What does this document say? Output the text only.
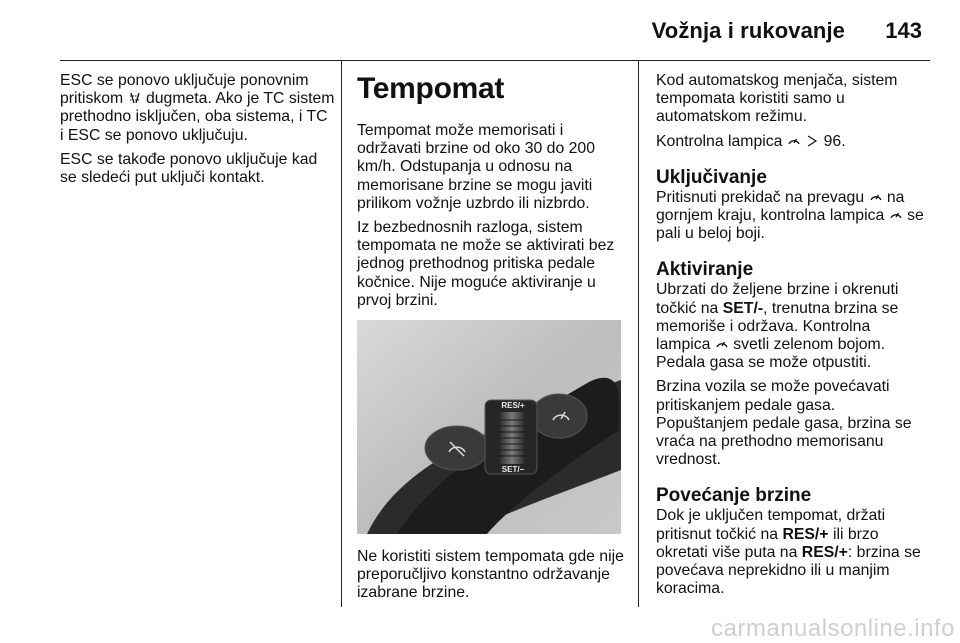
Vožnja i rukovanje	143

ESC se ponovo uključuje ponovnim pritiskom dugmeta. Ako je TC sistem prethodno isključen, oba sistema, i TC i ESC se ponovo uključuju.

ESC se takođe ponovo uključuje kad se sledeći put uključi kontakt.

Tempomat

Tempomat može memorisati i održavati brzine od oko 30 do 200 km/h. Odstupanja u odnosu na memorisane brzine se mogu javiti prilikom vožnje uzbrdo ili nizbrdo.

Iz bezbednosnih razloga, sistem tempomata ne može se aktivirati bez jednog prethodnog pritiska pedale kočnice. Nije moguće aktiviranje u prvoj brzini.

RES/+
SET/−

Ne koristiti sistem tempomata gde nije preporučljivo konstantno održavanje izabrane brzine.

Kod automatskog menjača, sistem tempomata koristiti samo u automatskom režimu.

Kontrolna lampica	96.

Uključivanje

Pritisnuti prekidač na prevagu na gornjem kraju, kontrolna lampica se pali u beloj boji.

Aktiviranje

Ubrzati do željene brzine i okrenuti točkić na SET/-, trenutna brzina se memoriše i održava. Kontrolna lampica svetli zelenom bojom. Pedala gasa se može otpustiti.

Brzina vozila se može povećavati pritiskanjem pedale gasa. Popuštanjem pedale gasa, brzina se vraća na prethodno memorisanu vrednost.

Povećanje brzine

Dok je uključen tempomat, držati pritisnut točkić na RES/+ ili brzo okretati više puta na RES/+: brzina se povećava neprekidno ili u manjim koracima.

carmanualsonline.info
